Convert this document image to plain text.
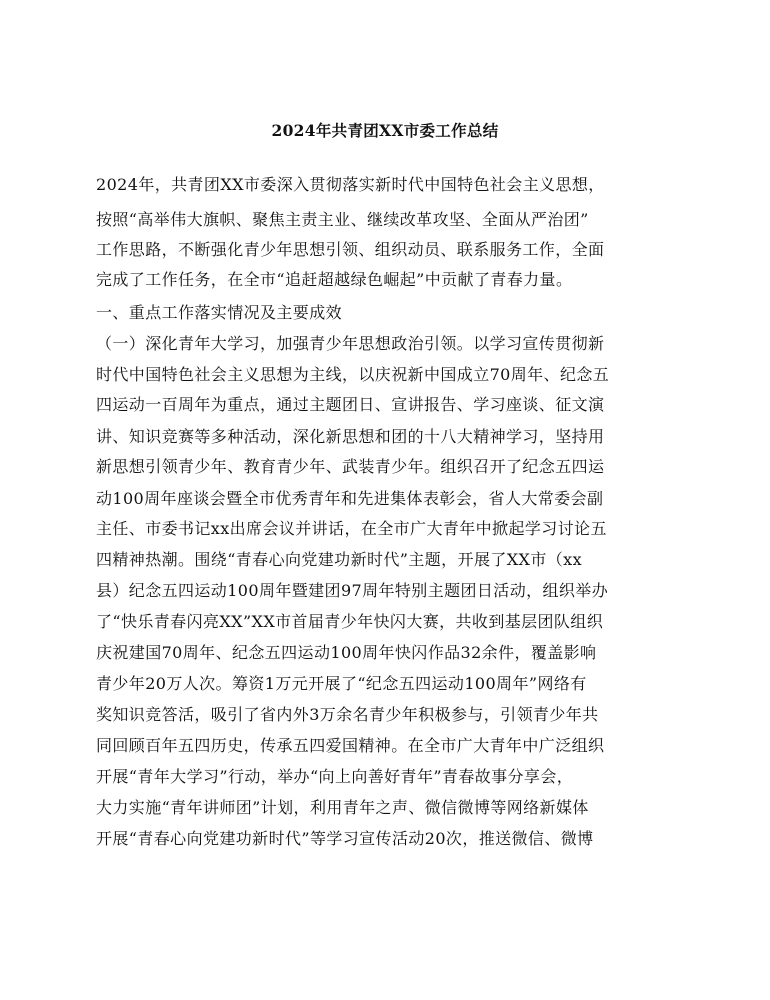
2024年共青团XX市委工作总结
2024年，共青团XX市委深入贯彻落实新时代中国特色社会主义思想，
按照“高举伟大旗帜、聚焦主责主业、继续改革攻坚、全面从严治团”
工作思路，不断强化青少年思想引领、组织动员、联系服务工作，全面
完成了工作任务，在全市“追赶超越绿色崛起”中贡献了青春力量。
一、重点工作落实情况及主要成效
（一）深化青年大学习，加强青少年思想政治引领。以学习宣传贯彻新
时代中国特色社会主义思想为主线，以庆祝新中国成立70周年、纪念五
四运动一百周年为重点，通过主题团日、宣讲报告、学习座谈、征文演
讲、知识竞赛等多种活动，深化新思想和团的十八大精神学习，坚持用
新思想引领青少年、教育青少年、武装青少年。组织召开了纪念五四运
动100周年座谈会暨全市优秀青年和先进集体表彰会，省人大常委会副
主任、市委书记xx出席会议并讲话，在全市广大青年中掀起学习讨论五
四精神热潮。围绕“青春心向党建功新时代”主题，开展了XX市（xx
县）纪念五四运动100周年暨建团97周年特别主题团日活动，组织举办
了“快乐青春闪亮XX”XX市首届青少年快闪大赛，共收到基层团队组织
庆祝建国70周年、纪念五四运动100周年快闪作品32余件，覆盖影响
青少年20万人次。筹资1万元开展了“纪念五四运动100周年”网络有
奖知识竞答活，吸引了省内外3万余名青少年积极参与，引领青少年共
同回顾百年五四历史，传承五四爱国精神。在全市广大青年中广泛组织
开展“青年大学习”行动，举办“向上向善好青年”青春故事分享会，
大力实施“青年讲师团”计划，利用青年之声、微信微博等网络新媒体
开展“青春心向党建功新时代”等学习宣传活动20次，推送微信、微博
